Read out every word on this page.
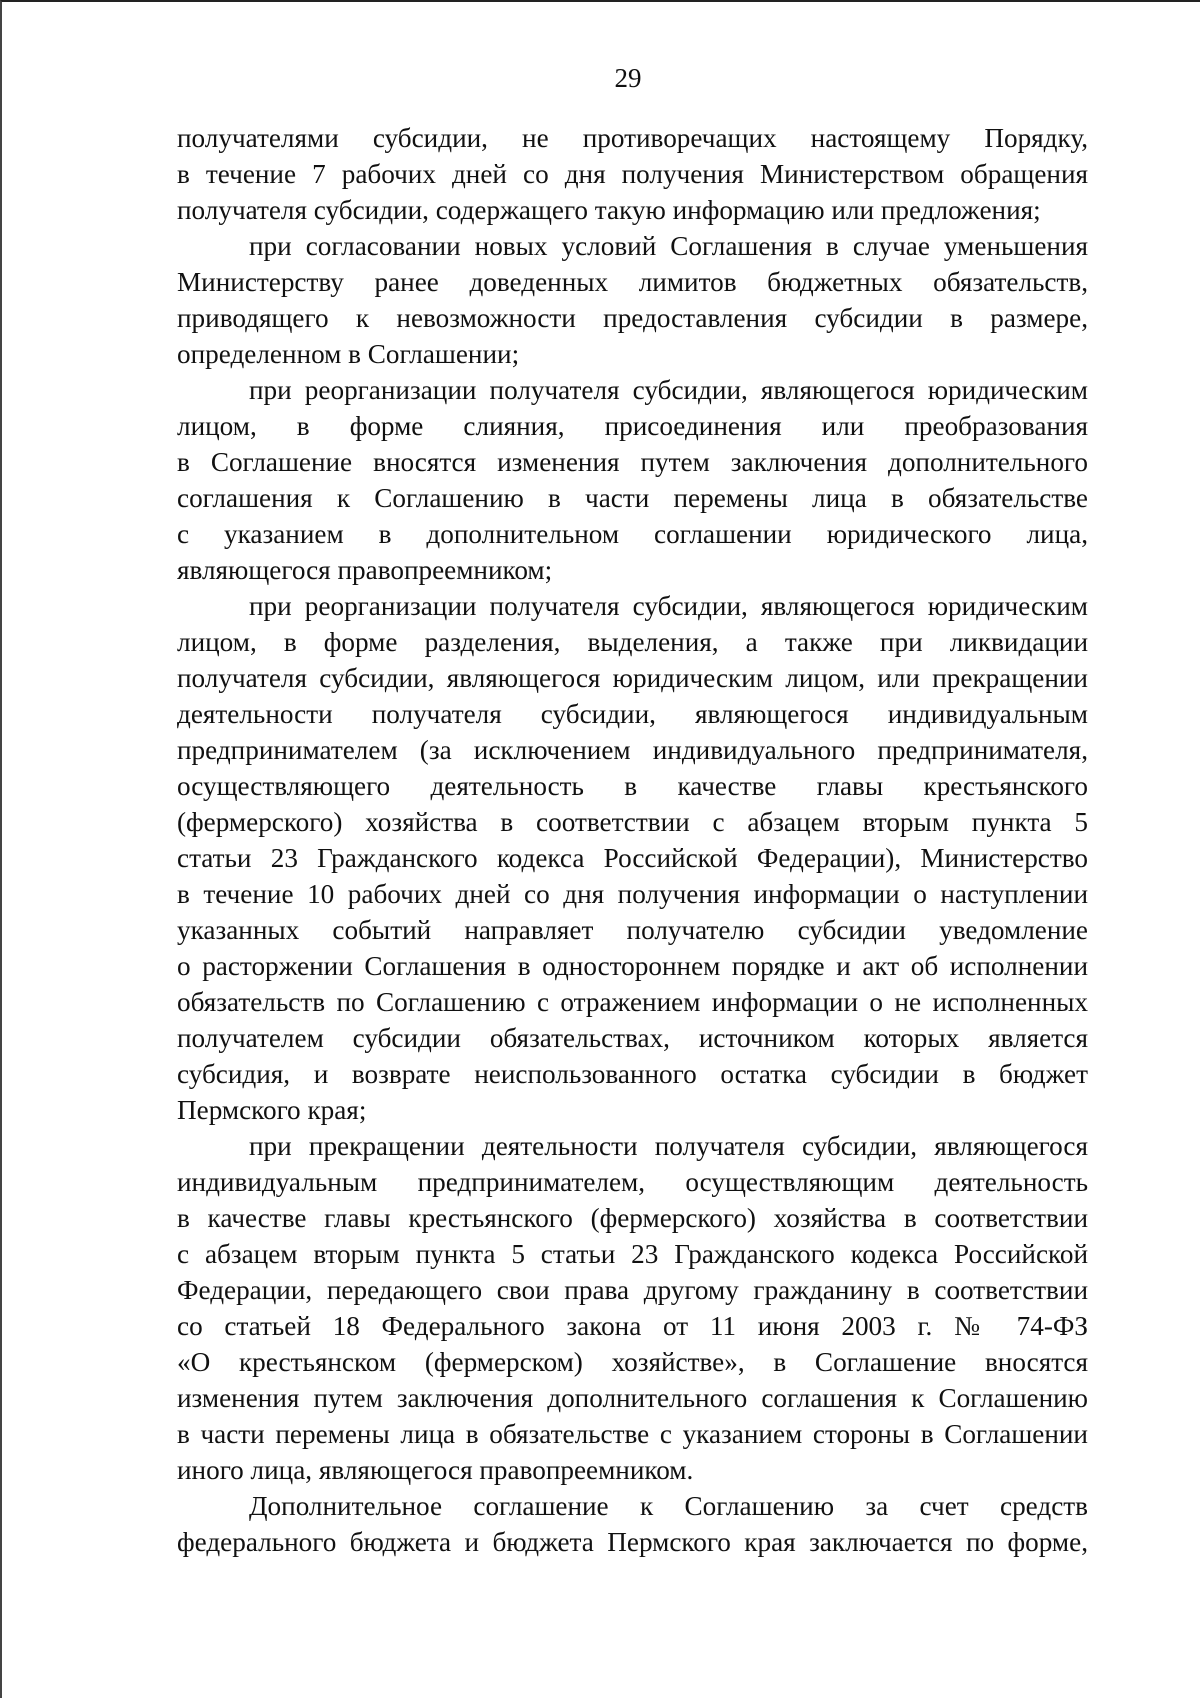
29
получателями субсидии, не противоречащих настоящему Порядку,
в течение 7 рабочих дней со дня получения Министерством обращения
получателя субсидии, содержащего такую информацию или предложения;
при согласовании новых условий Соглашения в случае уменьшения
Министерству ранее доведенных лимитов бюджетных обязательств,
приводящего к невозможности предоставления субсидии в размере,
определенном в Соглашении;
при реорганизации получателя субсидии, являющегося юридическим
лицом, в форме слияния, присоединения или преобразования
в Соглашение вносятся изменения путем заключения дополнительного
соглашения к Соглашению в части перемены лица в обязательстве
с указанием в дополнительном соглашении юридического лица,
являющегося правопреемником;
при реорганизации получателя субсидии, являющегося юридическим
лицом, в форме разделения, выделения, а также при ликвидации
получателя субсидии, являющегося юридическим лицом, или прекращении
деятельности получателя субсидии, являющегося индивидуальным
предпринимателем (за исключением индивидуального предпринимателя,
осуществляющего деятельность в качестве главы крестьянского
(фермерского) хозяйства в соответствии с абзацем вторым пункта 5
статьи 23 Гражданского кодекса Российской Федерации), Министерство
в течение 10 рабочих дней со дня получения информации о наступлении
указанных событий направляет получателю субсидии уведомление
о расторжении Соглашения в одностороннем порядке и акт об исполнении
обязательств по Соглашению с отражением информации о не исполненных
получателем субсидии обязательствах, источником которых является
субсидия, и возврате неиспользованного остатка субсидии в бюджет
Пермского края;
при прекращении деятельности получателя субсидии, являющегося
индивидуальным предпринимателем, осуществляющим деятельность
в качестве главы крестьянского (фермерского) хозяйства в соответствии
с абзацем вторым пункта 5 статьи 23 Гражданского кодекса Российской
Федерации, передающего свои права другому гражданину в соответствии
со статьей 18 Федерального закона от 11 июня 2003 г. № 74-ФЗ
«О крестьянском (фермерском) хозяйстве», в Соглашение вносятся
изменения путем заключения дополнительного соглашения к Соглашению
в части перемены лица в обязательстве с указанием стороны в Соглашении
иного лица, являющегося правопреемником.
Дополнительное соглашение к Соглашению за счет средств
федерального бюджета и бюджета Пермского края заключается по форме,
